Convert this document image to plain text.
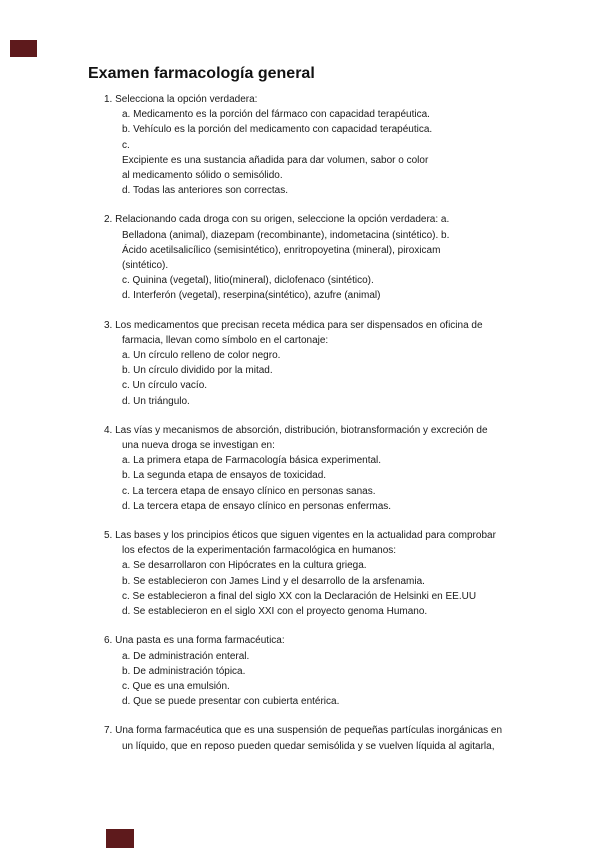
Examen farmacología general
1. Selecciona la opción verdadera:
a. Medicamento es la porción del fármaco con capacidad terapéutica.
b. Vehículo es la porción del medicamento con capacidad terapéutica.
c.
Excipiente es una sustancia añadida para dar volumen, sabor o color
al medicamento sólido o semisólido.
d. Todas las anteriores son correctas.
2. Relacionando cada droga con su origen, seleccione la opción verdadera: a.
Belladona (animal), diazepam (recombinante), indometacina (sintético). b.
Ácido acetilsalicílico (semisintético), enritropoyetina (mineral), piroxicam
(sintético).
c. Quinina (vegetal), litio(mineral), diclofenaco (sintético).
d. Interferón (vegetal), reserpina(sintético), azufre (animal)
3. Los medicamentos que precisan receta médica para ser dispensados en oficina de
farmacia, llevan como símbolo en el cartonaje:
a. Un círculo relleno de color negro.
b. Un círculo dividido por la mitad.
c. Un círculo vacío.
d. Un triángulo.
4. Las vías y mecanismos de absorción, distribución, biotransformación y excreción de
una nueva droga se investigan en:
a. La primera etapa de Farmacología básica experimental.
b. La segunda etapa de ensayos de toxicidad.
c. La tercera etapa de ensayo clínico en personas sanas.
d. La tercera etapa de ensayo clínico en personas enfermas.
5. Las bases y los principios éticos que siguen vigentes en la actualidad para comprobar
los efectos de la experimentación farmacológica en humanos:
a. Se desarrollaron con Hipócrates en la cultura griega.
b. Se establecieron con James Lind y el desarrollo de la arsfenamia.
c. Se establecieron a final del siglo XX con la Declaración de Helsinki en EE.UU
d. Se establecieron en el siglo XXI con el proyecto genoma Humano.
6. Una pasta es una forma farmacéutica:
a. De administración enteral.
b. De administración tópica.
c. Que es una emulsión.
d. Que se puede presentar con cubierta entérica.
7. Una forma farmacéutica que es una suspensión de pequeñas partículas inorgánicas en
un líquido, que en reposo pueden quedar semisólida y se vuelven líquida al agitarla,
